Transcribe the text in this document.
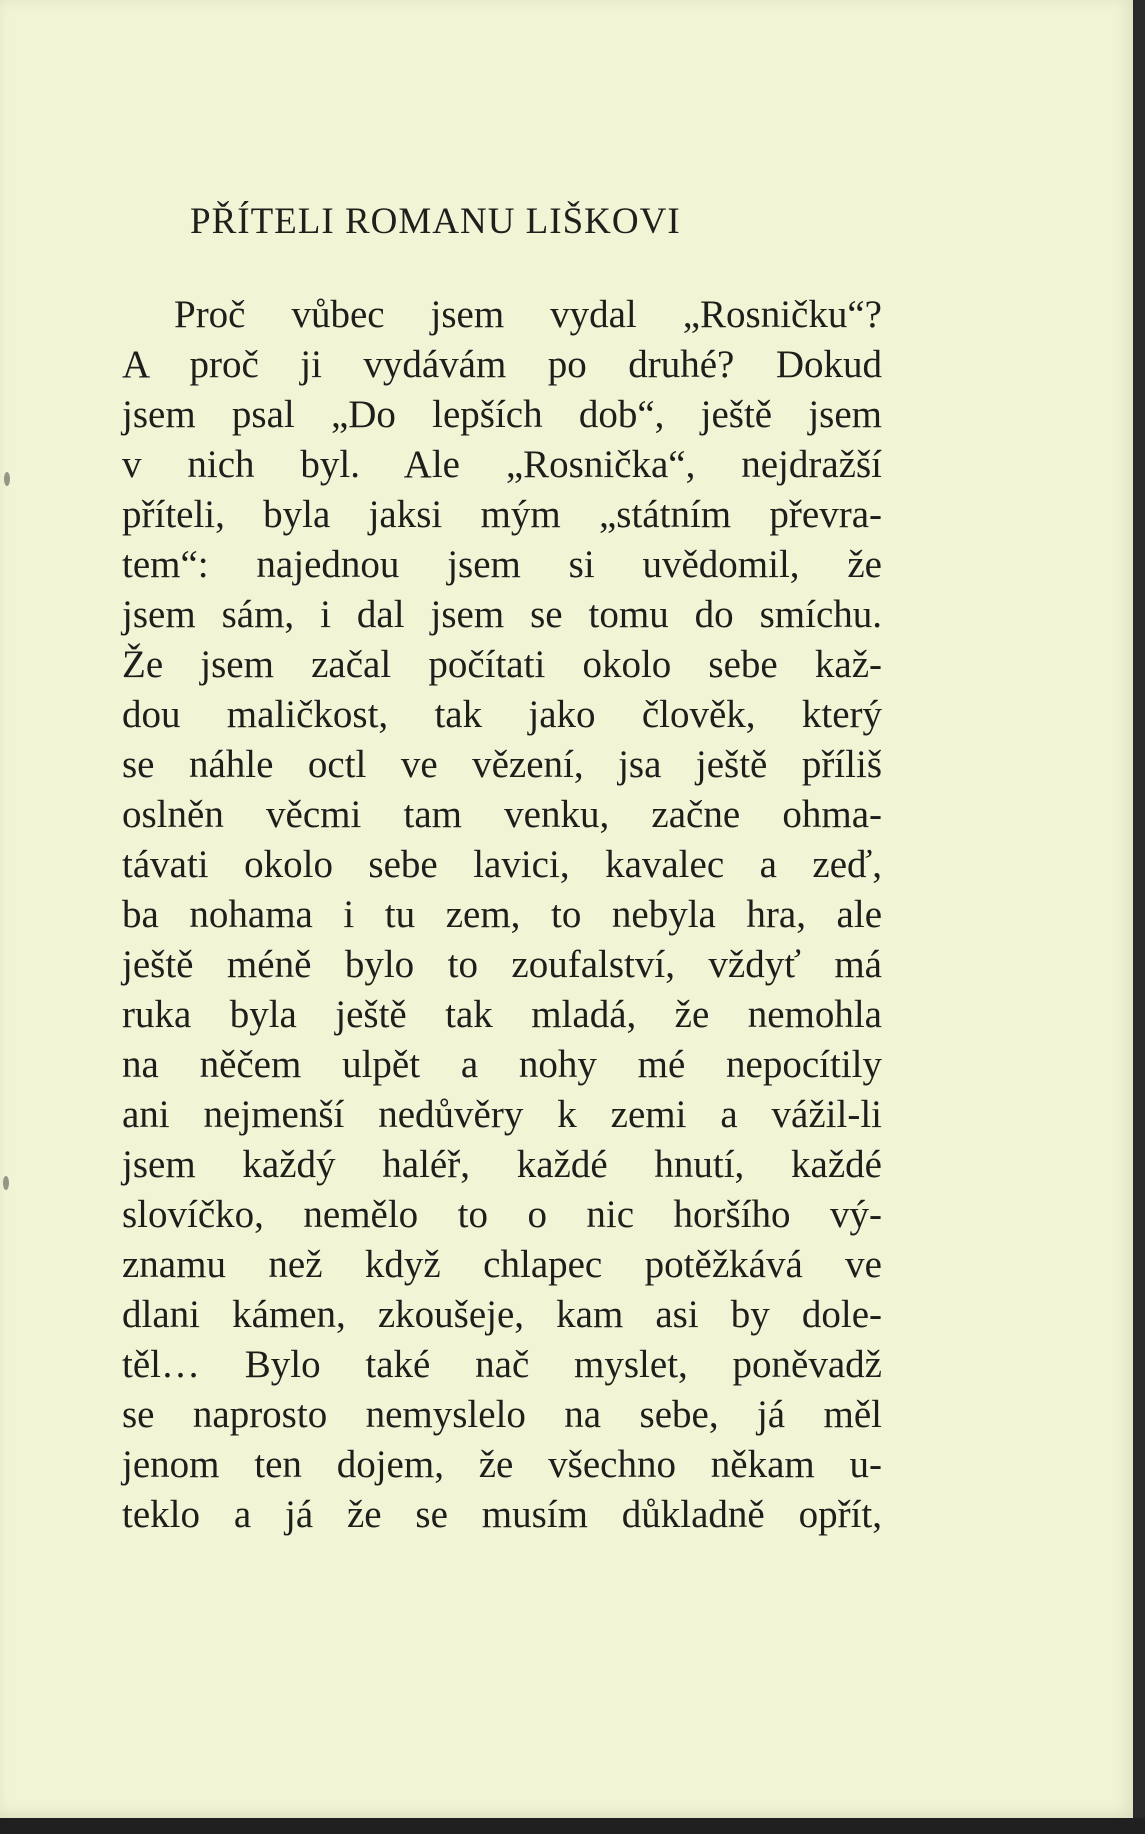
PŘÍTELI ROMANU LIŠKOVI
Proč vůbec jsem vydal „Rosničku“?
A proč ji vydávám po druhé? Dokud
jsem psal „Do lepších dob“, ještě jsem
v nich byl. Ale „Rosnička“, nejdražší
příteli, byla jaksi mým „státním převra-
tem“: najednou jsem si uvědomil, že
jsem sám, i dal jsem se tomu do smíchu.
Že jsem začal počítati okolo sebe kaž-
dou maličkost, tak jako člověk, který
se náhle octl ve vězení, jsa ještě příliš
oslněn věcmi tam venku, začne ohma-
távati okolo sebe lavici, kavalec a zeď,
ba nohama i tu zem, to nebyla hra, ale
ještě méně bylo to zoufalství, vždyť má
ruka byla ještě tak mladá, že nemohla
na něčem ulpět a nohy mé nepocítily
ani nejmenší nedůvěry k zemi a vážil-li
jsem každý haléř, každé hnutí, každé
slovíčko, nemělo to o nic horšího vý-
znamu než když chlapec potěžkává ve
dlani kámen, zkoušeje, kam asi by dole-
těl… Bylo také nač myslet, poněvadž
se naprosto nemyslelo na sebe, já měl
jenom ten dojem, že všechno někam u-
teklo a já že se musím důkladně opřít,
